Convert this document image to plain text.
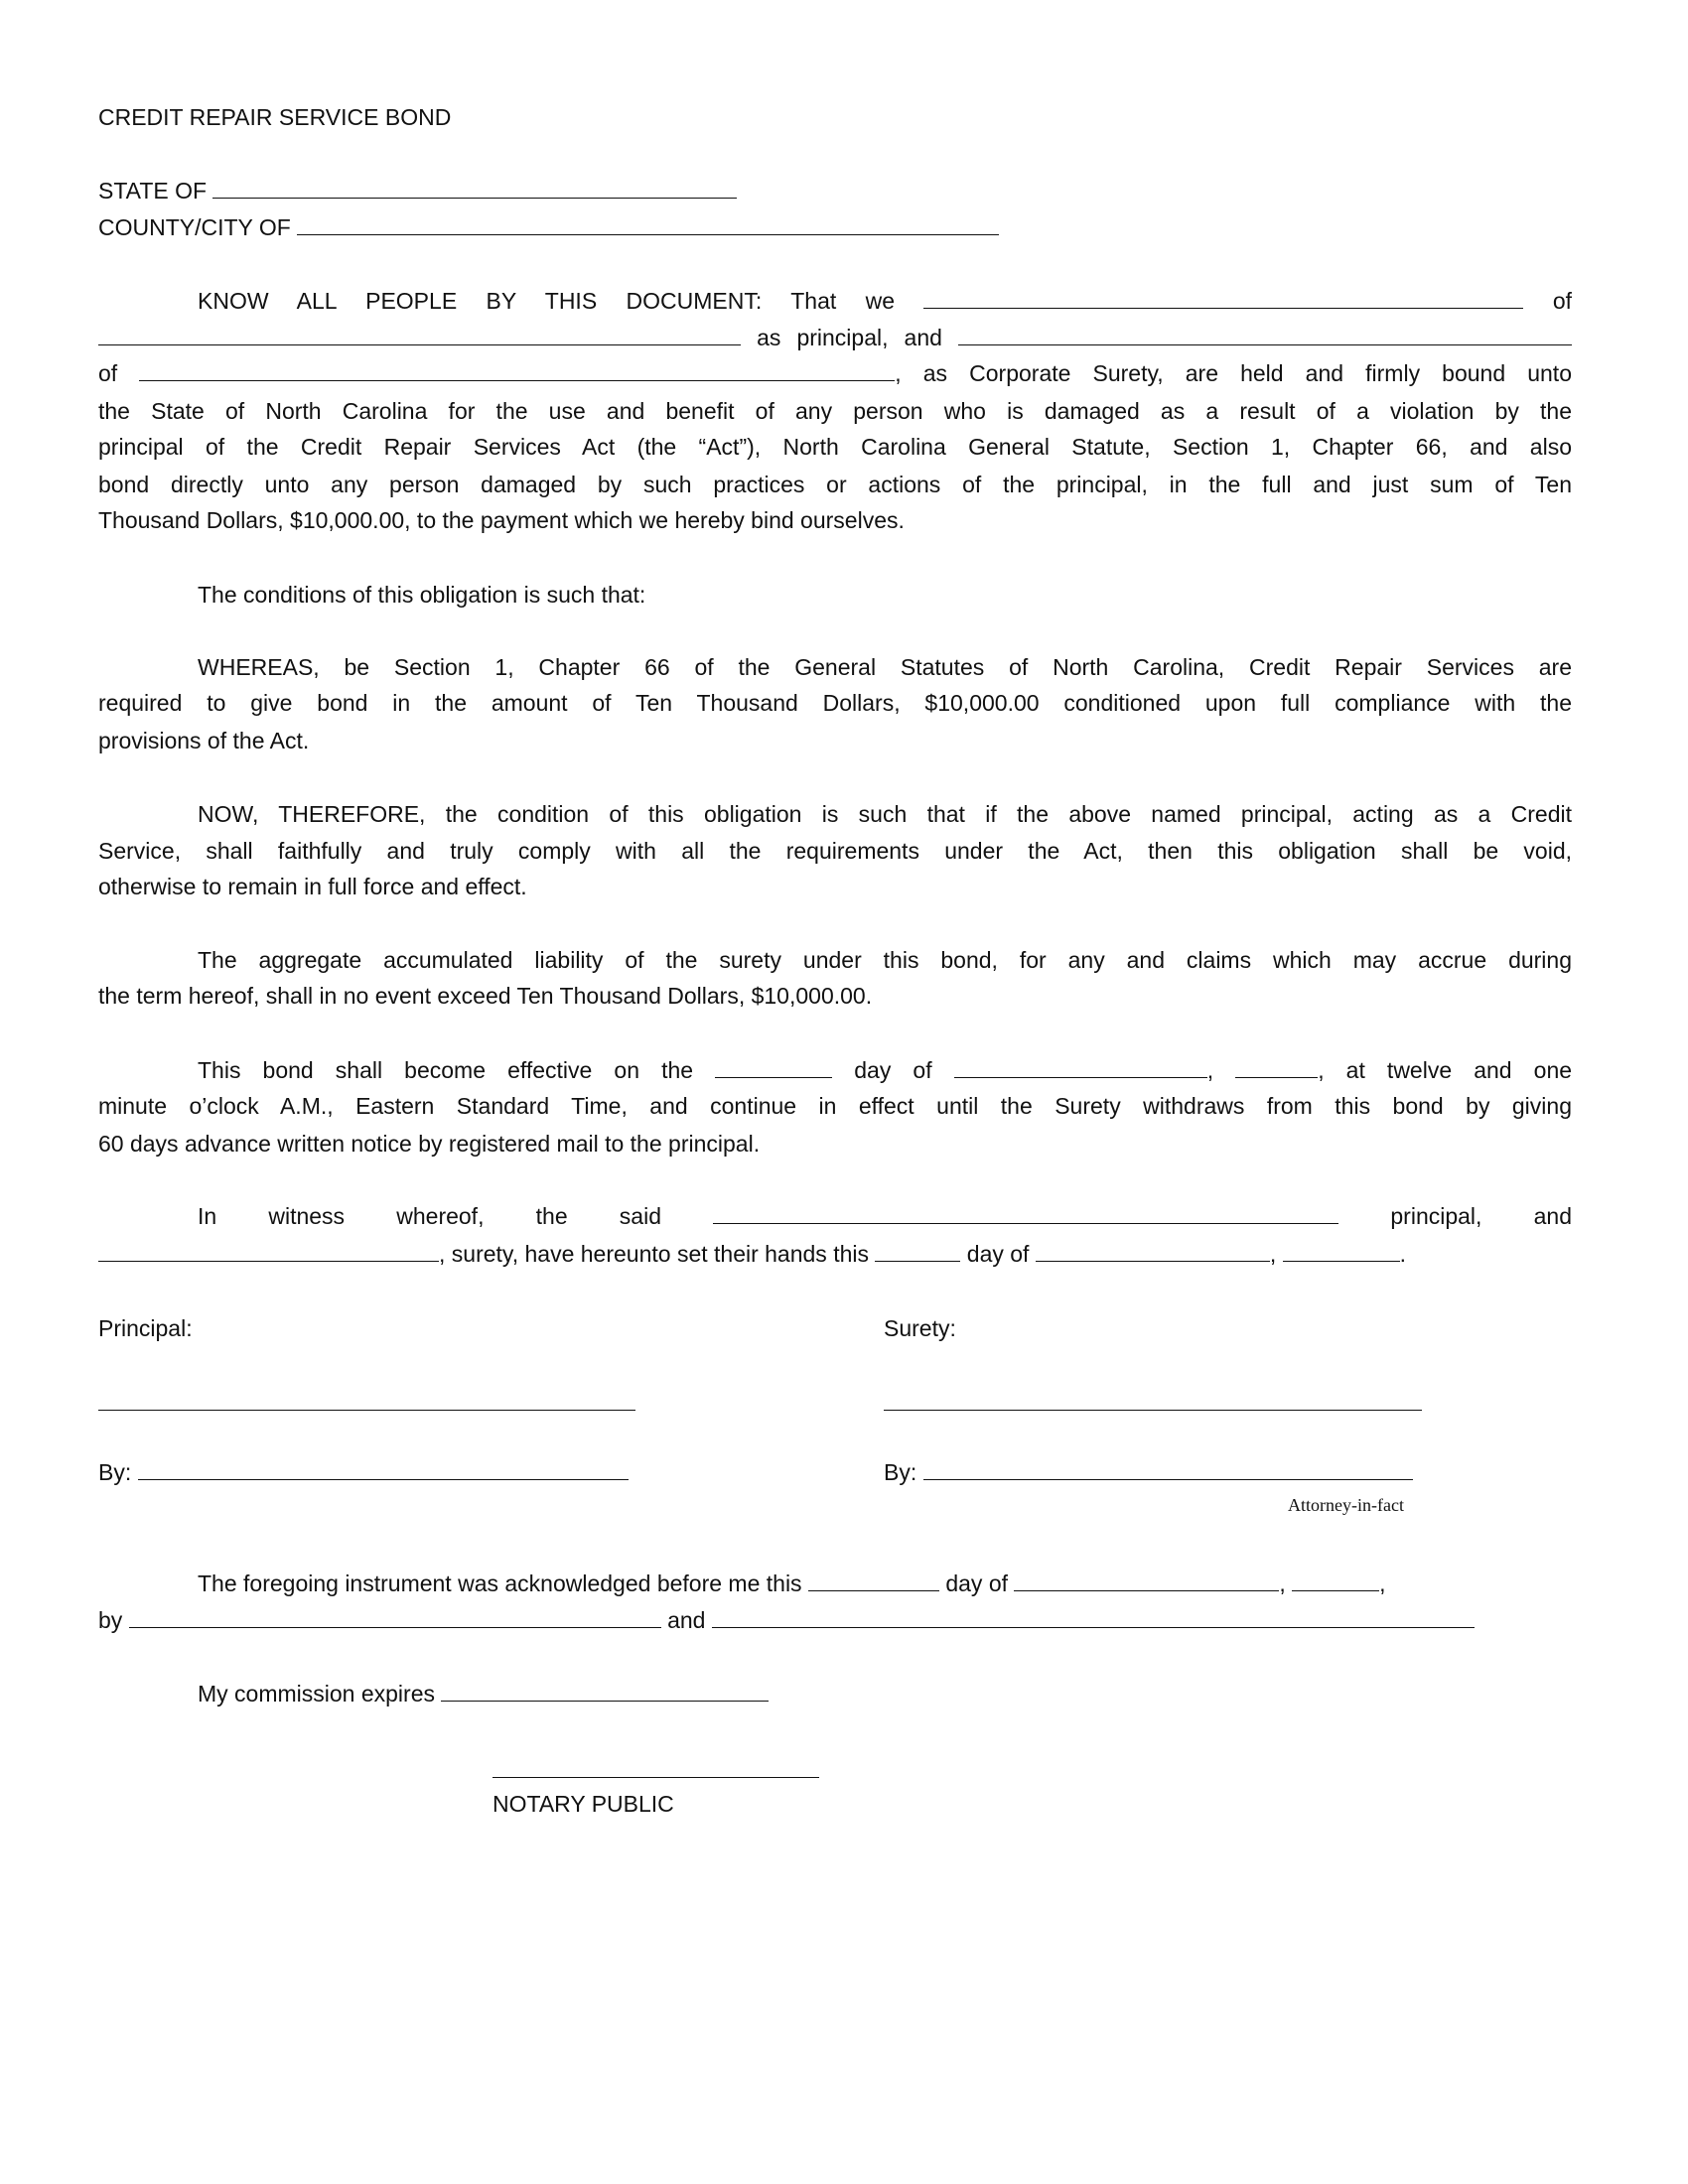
CREDIT REPAIR SERVICE BOND
STATE OF
COUNTY/CITY OF
KNOW ALL PEOPLE BY THIS DOCUMENT: That we	of
as principal, and
of	, as Corporate Surety, are held and firmly bound unto
the State of North Carolina for the use and benefit of any person who is damaged as a result of a violation by the
principal of the Credit Repair Services Act (the “Act”), North Carolina General Statute, Section 1, Chapter 66, and also
bond directly unto any person damaged by such practices or actions of the principal, in the full and just sum of Ten
Thousand Dollars, $10,000.00, to the payment which we hereby bind ourselves.
The conditions of this obligation is such that:
WHEREAS, be Section 1, Chapter 66 of the General Statutes of North Carolina, Credit Repair Services are
required to give bond in the amount of Ten Thousand Dollars, $10,000.00 conditioned upon full compliance with the
provisions of the Act.
NOW, THEREFORE, the condition of this obligation is such that if the above named principal, acting as a Credit
Service, shall faithfully and truly comply with all the requirements under the Act, then this obligation shall be void,
otherwise to remain in full force and effect.
The aggregate accumulated liability of the surety under this bond, for any and claims which may accrue during
the term hereof, shall in no event exceed Ten Thousand Dollars, $10,000.00.
This bond shall become effective on the	day of	,	, at twelve and one
minute o’clock A.M., Eastern Standard Time, and continue in effect until the Surety withdraws from this bond by giving
60 days advance written notice by registered mail to the principal.
In witness whereof, the said	principal, and
, surety, have hereunto set their hands this	day of	,	.
Principal:	Surety:
By:	By:
Attorney-in-fact
The foregoing instrument was acknowledged before me this	day of	,	,
by	and
My commission expires
NOTARY PUBLIC
